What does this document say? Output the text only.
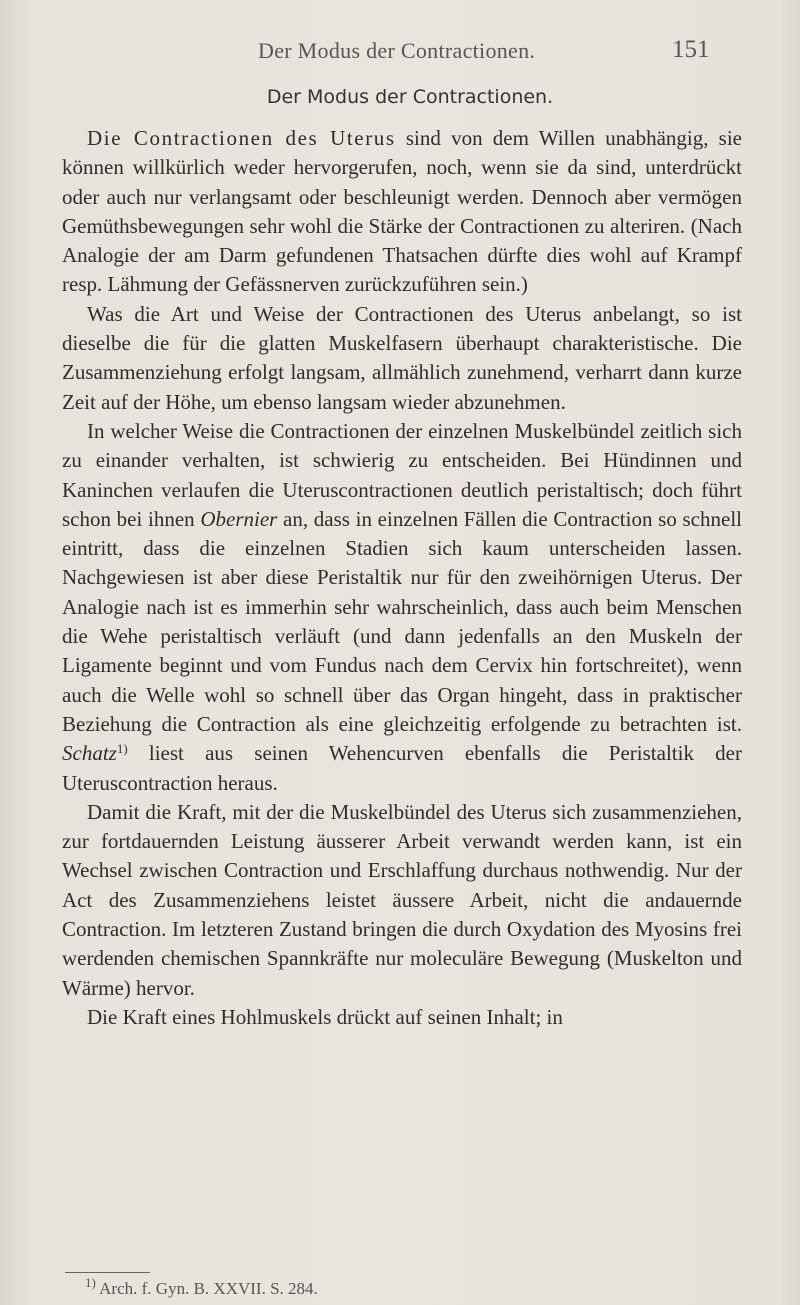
Der Modus der Contractionen.	151
Der Modus der Contractionen.

Die Contractionen des Uterus sind von dem Willen unabhängig, sie können willkürlich weder hervorgerufen, noch, wenn sie da sind, unterdrückt oder auch nur verlangsamt oder beschleunigt werden. Dennoch aber vermögen Gemüthsbewegungen sehr wohl die Stärke der Contractionen zu alteriren. (Nach Analogie der am Darm gefundenen Thatsachen dürfte dies wohl auf Krampf resp. Lähmung der Gefässnerven zurückzuführen sein.)

Was die Art und Weise der Contractionen des Uterus anbelangt, so ist dieselbe die für die glatten Muskelfasern überhaupt charakteristische. Die Zusammenziehung erfolgt langsam, allmählich zunehmend, verharrt dann kurze Zeit auf der Höhe, um ebenso langsam wieder abzunehmen.

In welcher Weise die Contractionen der einzelnen Muskelbündel zeitlich sich zu einander verhalten, ist schwierig zu entscheiden. Bei Hündinnen und Kaninchen verlaufen die Uteruscontractionen deutlich peristaltisch; doch führt schon bei ihnen Obernier an, dass in einzelnen Fällen die Contraction so schnell eintritt, dass die einzelnen Stadien sich kaum unterscheiden lassen. Nachgewiesen ist aber diese Peristaltik nur für den zweihörnigen Uterus. Der Analogie nach ist es immerhin sehr wahrscheinlich, dass auch beim Menschen die Wehe peristaltisch verläuft (und dann jedenfalls an den Muskeln der Ligamente beginnt und vom Fundus nach dem Cervix hin fortschreitet), wenn auch die Welle wohl so schnell über das Organ hingeht, dass in praktischer Beziehung die Contraction als eine gleichzeitig erfolgende zu betrachten ist. Schatz$^{1)}$ liest aus seinen Wehencurven ebenfalls die Peristaltik der Uteruscontraction heraus.

Damit die Kraft, mit der die Muskelbündel des Uterus sich zusammenziehen, zur fortdauernden Leistung äusserer Arbeit verwandt werden kann, ist ein Wechsel zwischen Contraction und Erschlaffung durchaus nothwendig. Nur der Act des Zusammenziehens leistet äussere Arbeit, nicht die andauernde Contraction. Im letzteren Zustand bringen die durch Oxydation des Myosins frei werdenden chemischen Spannkräfte nur moleculäre Bewegung (Muskelton und Wärme) hervor.

Die Kraft eines Hohlmuskels drückt auf seinen Inhalt; in

$^{1)}$ Arch. f. Gyn. B. XXVII. S. 284.
